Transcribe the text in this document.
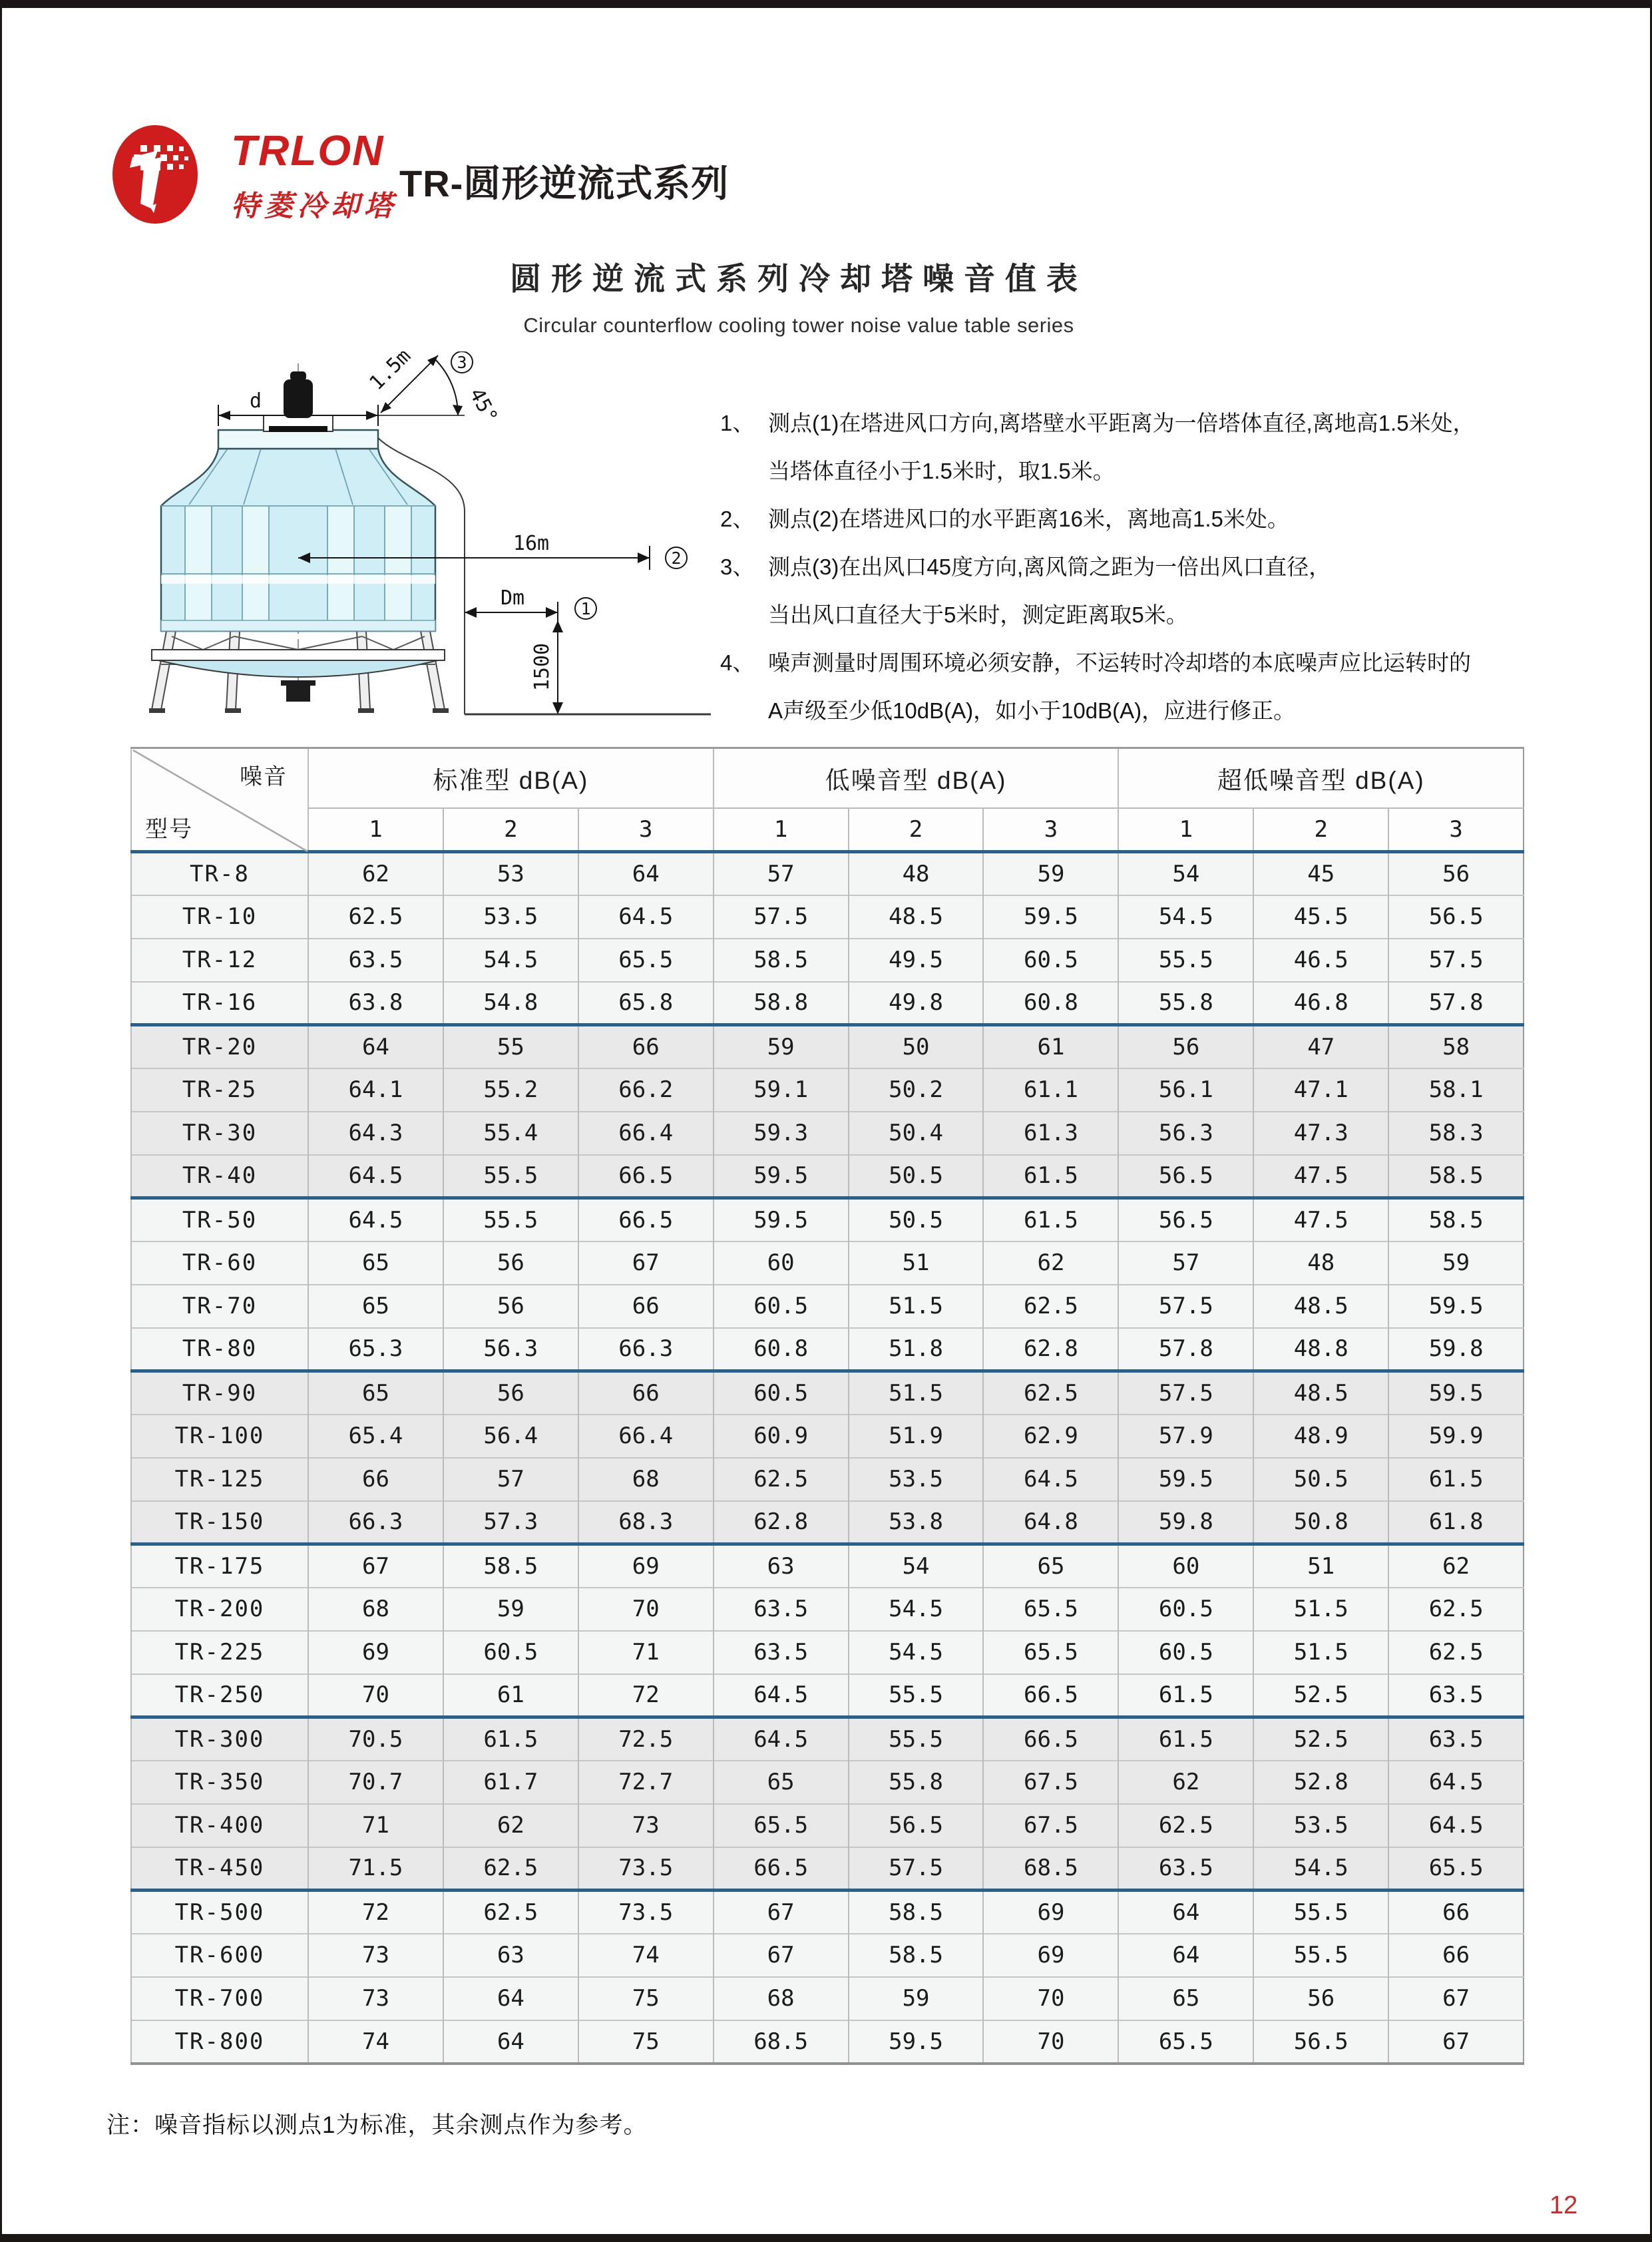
TRLON
特菱冷却塔
TR-圆形逆流式系列
圆形逆流式系列冷却塔噪音值表
Circular counterflow cooling tower noise value table series
d
1.5m
45°
3
16m
2
Dm	1
1500
1、 测点(1)在塔进风口方向,离塔壁水平距离为一倍塔体直径,离地高1.5米处，
当塔体直径小于1.5米时，取1.5米。
2、 测点(2)在塔进风口的水平距离16米，离地高1.5米处。
3、 测点(3)在出风口45度方向,离风筒之距为一倍出风口直径，
当出风口直径大于5米时，测定距离取5米。
4、 噪声测量时周围环境必须安静，不运转时冷却塔的本底噪声应比运转时的
A声级至少低10dB(A)，如小于10dB(A)，应进行修正。
噪音
型号	标准型 dB(A)			低噪音型 dB(A)			超低噪音型 dB(A)		
	1	2	3	1	2	3	1	2	3
TR-8	62	53	64	57	48	59	54	45	56
TR-10	62.5	53.5	64.5	57.5	48.5	59.5	54.5	45.5	56.5
TR-12	63.5	54.5	65.5	58.5	49.5	60.5	55.5	46.5	57.5
TR-16	63.8	54.8	65.8	58.8	49.8	60.8	55.8	46.8	57.8
TR-20	64	55	66	59	50	61	56	47	58
TR-25	64.1	55.2	66.2	59.1	50.2	61.1	56.1	47.1	58.1
TR-30	64.3	55.4	66.4	59.3	50.4	61.3	56.3	47.3	58.3
TR-40	64.5	55.5	66.5	59.5	50.5	61.5	56.5	47.5	58.5
TR-50	64.5	55.5	66.5	59.5	50.5	61.5	56.5	47.5	58.5
TR-60	65	56	67	60	51	62	57	48	59
TR-70	65	56	66	60.5	51.5	62.5	57.5	48.5	59.5
TR-80	65.3	56.3	66.3	60.8	51.8	62.8	57.8	48.8	59.8
TR-90	65	56	66	60.5	51.5	62.5	57.5	48.5	59.5
TR-100	65.4	56.4	66.4	60.9	51.9	62.9	57.9	48.9	59.9
TR-125	66	57	68	62.5	53.5	64.5	59.5	50.5	61.5
TR-150	66.3	57.3	68.3	62.8	53.8	64.8	59.8	50.8	61.8
TR-175	67	58.5	69	63	54	65	60	51	62
TR-200	68	59	70	63.5	54.5	65.5	60.5	51.5	62.5
TR-225	69	60.5	71	63.5	54.5	65.5	60.5	51.5	62.5
TR-250	70	61	72	64.5	55.5	66.5	61.5	52.5	63.5
TR-300	70.5	61.5	72.5	64.5	55.5	66.5	61.5	52.5	63.5
TR-350	70.7	61.7	72.7	65	55.8	67.5	62	52.8	64.5
TR-400	71	62	73	65.5	56.5	67.5	62.5	53.5	64.5
TR-450	71.5	62.5	73.5	66.5	57.5	68.5	63.5	54.5	65.5
TR-500	72	62.5	73.5	67	58.5	69	64	55.5	66
TR-600	73	63	74	67	58.5	69	64	55.5	66
TR-700	73	64	75	68	59	70	65	56	67
TR-800	74	64	75	68.5	59.5	70	65.5	56.5	67
注：噪音指标以测点1为标准，其余测点作为参考。
12
